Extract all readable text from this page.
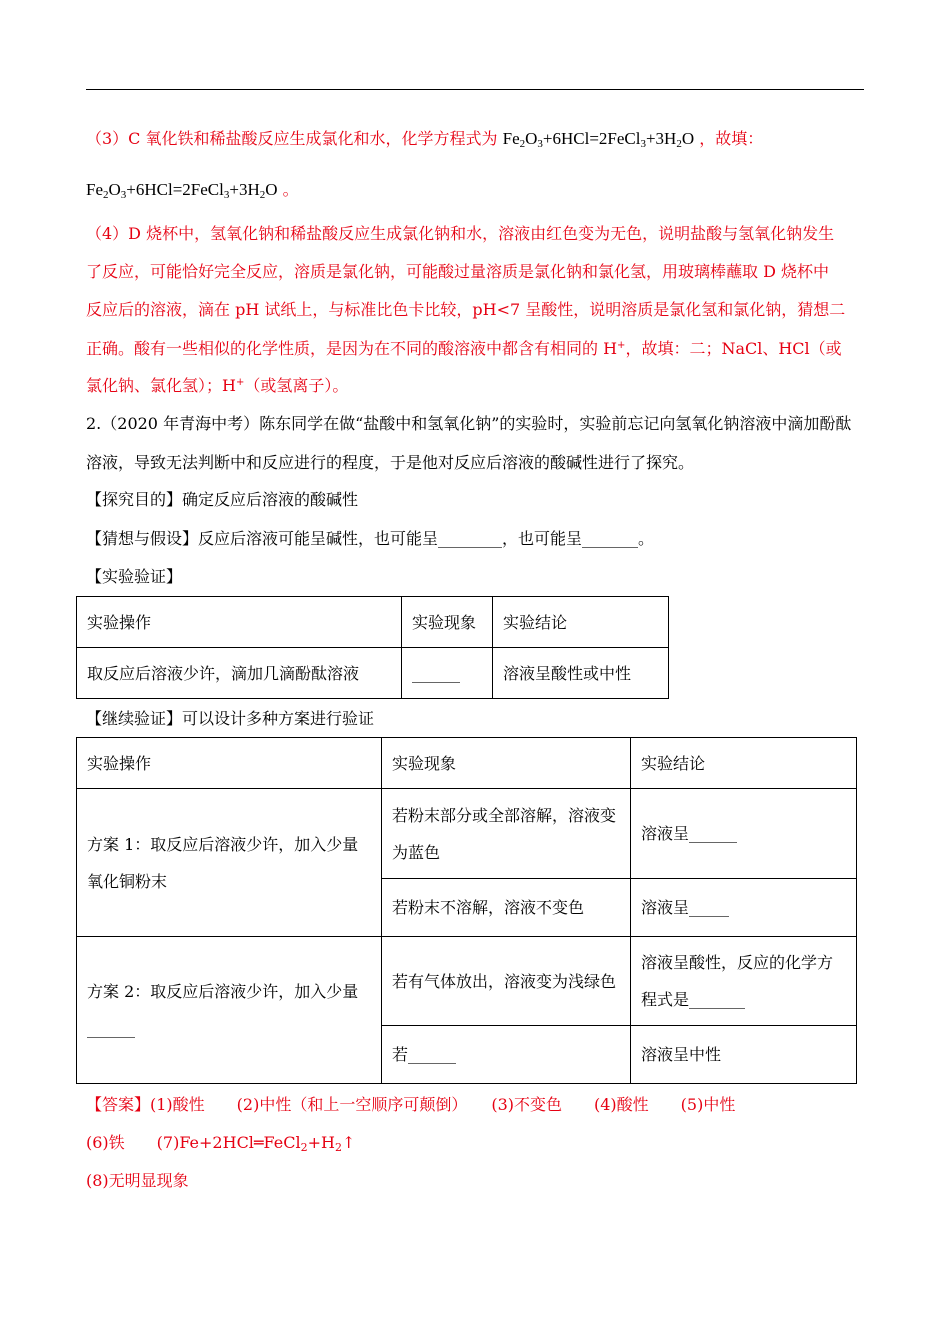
（3）C 氧化铁和稀盐酸反应生成氯化和水，化学方程式为 $Fe_2O_3+6HCl=2FeCl_3+3H_2O$ ，故填：
$Fe_2O_3+6HCl=2FeCl_3+3H_2O$ 。
（4）D 烧杯中，氢氧化钠和稀盐酸反应生成氯化钠和水，溶液由红色变为无色，说明盐酸与氢氧化钠发生
了反应，可能恰好完全反应，溶质是氯化钠，可能酸过量溶质是氯化钠和氯化氢，用玻璃棒蘸取 D 烧杯中
反应后的溶液，滴在 pH 试纸上，与标准比色卡比较，pH<7 呈酸性，说明溶质是氯化氢和氯化钠，猜想二
正确。酸有一些相似的化学性质，是因为在不同的酸溶液中都含有相同的 H+，故填：二；NaCl、HCl（或
氯化钠、氯化氢）；H+（或氢离子）。
2.（2020 年青海中考）陈东同学在做“盐酸中和氢氧化钠”的实验时，实验前忘记向氢氧化钠溶液中滴加酚酞
溶液，导致无法判断中和反应进行的程度，于是他对反应后溶液的酸碱性进行了探究。
【探究目的】确定反应后溶液的酸碱性
【猜想与假设】反应后溶液可能呈碱性，也可能呈________，也可能呈_______。
【实验验证】
实验操作	实验现象	实验结论
取反应后溶液少许，滴加几滴酚酞溶液	______	溶液呈酸性或中性
【继续验证】可以设计多种方案进行验证
实验操作	实验现象	实验结论
方案 1：取反应后溶液少许，加入少量氧化铜粉末	若粉末部分或全部溶解，溶液变为蓝色	溶液呈______
	若粉末不溶解，溶液不变色	溶液呈_____
方案 2：取反应后溶液少许，加入少量______	若有气体放出，溶液变为浅绿色	溶液呈酸性，反应的化学方程式是_______
	若______	溶液呈中性
【答案】(1)酸性　　(2)中性（和上一空顺序可颠倒）　　(3)不变色　　(4)酸性　　(5)中性
(6)铁　　$(7)Fe+2HCl═FeCl_2+H_2↑$
(8)无明显现象
